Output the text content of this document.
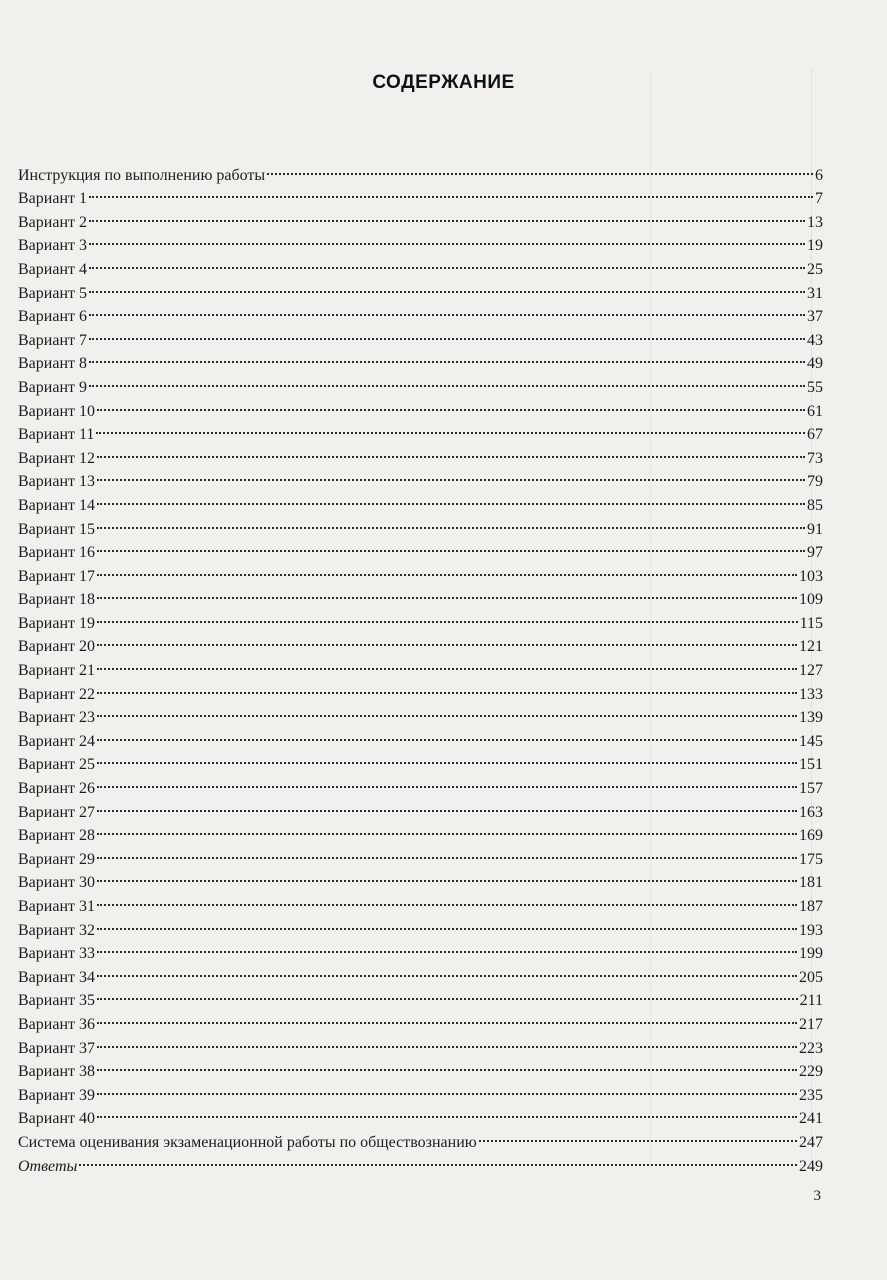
СОДЕРЖАНИЕ
Инструкция по выполнению работы	6
Вариант 1	7
Вариант 2	13
Вариант 3	19
Вариант 4	25
Вариант 5	31
Вариант 6	37
Вариант 7	43
Вариант 8	49
Вариант 9	55
Вариант 10	61
Вариант 11	67
Вариант 12	73
Вариант 13	79
Вариант 14	85
Вариант 15	91
Вариант 16	97
Вариант 17	103
Вариант 18	109
Вариант 19	115
Вариант 20	121
Вариант 21	127
Вариант 22	133
Вариант 23	139
Вариант 24	145
Вариант 25	151
Вариант 26	157
Вариант 27	163
Вариант 28	169
Вариант 29	175
Вариант 30	181
Вариант 31	187
Вариант 32	193
Вариант 33	199
Вариант 34	205
Вариант 35	211
Вариант 36	217
Вариант 37	223
Вариант 38	229
Вариант 39	235
Вариант 40	241
Система оценивания экзаменационной работы по обществознанию	247
Ответы	249
3
